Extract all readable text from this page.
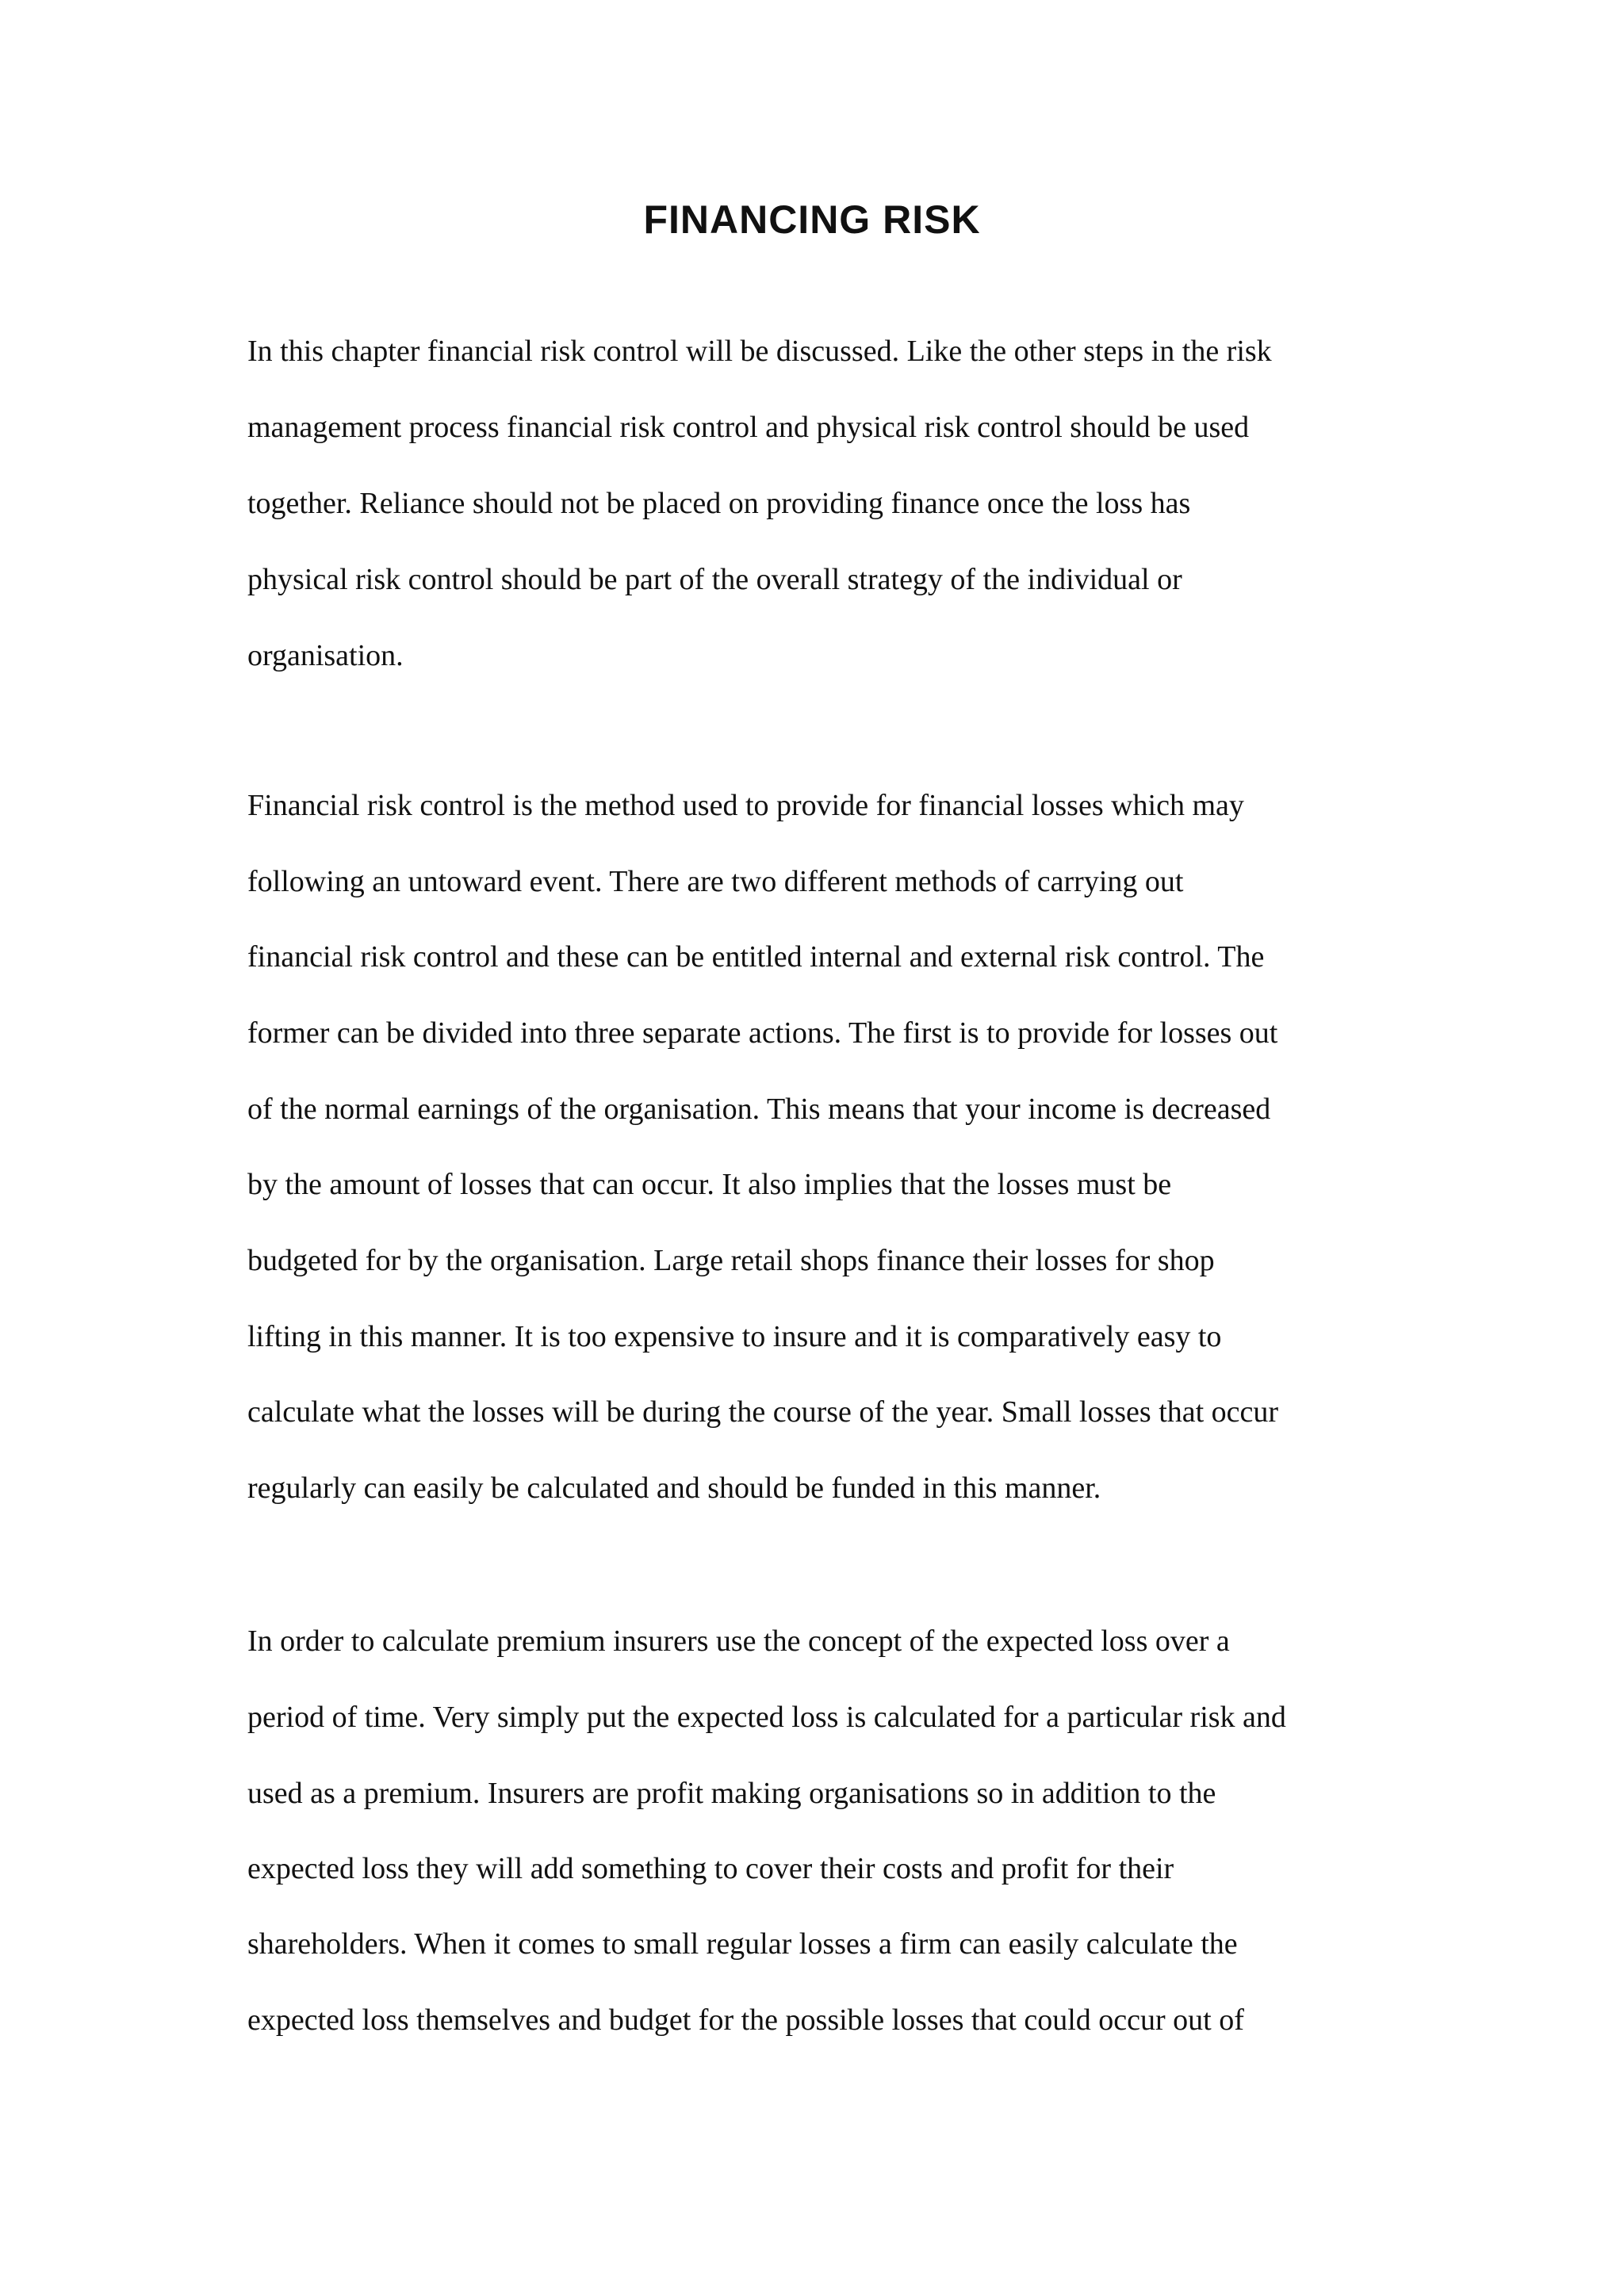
FINANCING RISK
In this chapter financial risk control will be discussed. Like the other steps in the risk
management process financial risk control and physical risk control should be used
together. Reliance should not be placed on providing finance once the loss has
physical risk control should be part of the overall strategy of the individual or
organisation.
Financial risk control is the method used to provide for financial losses which may
following an untoward event. There are two different methods of carrying out
financial risk control and these can be entitled internal and external risk control. The
former can be divided into three separate actions. The first is to provide for losses out
of the normal earnings of the organisation. This means that your income is decreased
by the amount of losses that can occur. It also implies that the losses must be
budgeted for by the organisation. Large retail shops finance their losses for shop
lifting in this manner. It is too expensive to insure and it is comparatively easy to
calculate what the losses will be during the course of the year. Small losses that occur
regularly can easily be calculated and should be funded in this manner.
In order to calculate premium insurers use the concept of the expected loss over a
period of time. Very simply put the expected loss is calculated for a particular risk and
used as a premium. Insurers are profit making organisations so in addition to the
expected loss they will add something to cover their costs and profit for their
shareholders. When it comes to small regular losses a firm can easily calculate the
expected loss themselves and budget for the possible losses that could occur out of
